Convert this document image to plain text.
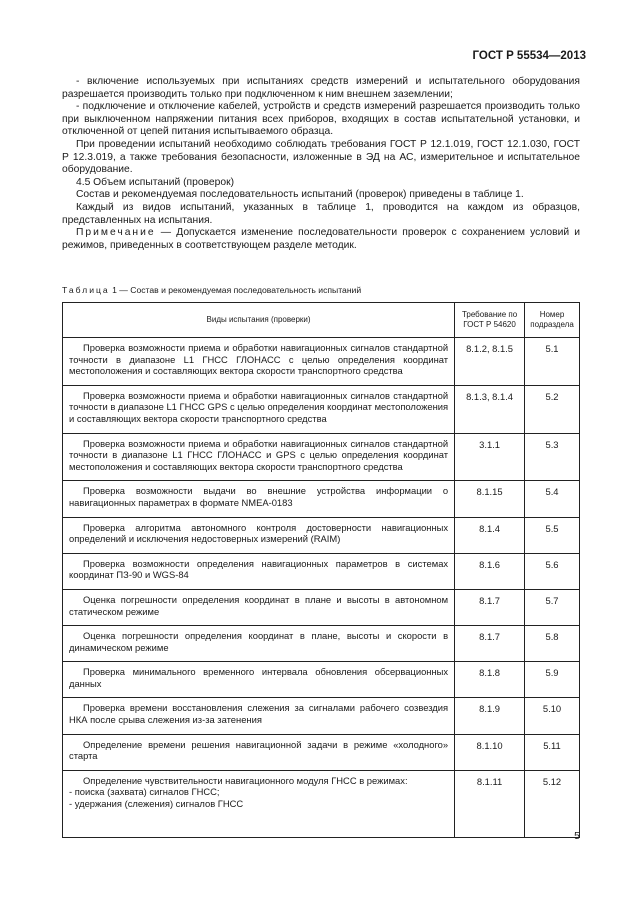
ГОСТ Р 55534—2013

- включение используемых при испытаниях средств измерений и испытательного оборудования разрешается производить только при подключенном к ним внешнем заземлении;

- подключение и отключение кабелей, устройств и средств измерений разрешается производить только при выключенном напряжении питания всех приборов, входящих в состав испытательной установки, и отключенной от цепей питания испытываемого образца.

При проведении испытаний необходимо соблюдать требования ГОСТ Р 12.1.019, ГОСТ 12.1.030, ГОСТ Р 12.3.019, а также требования безопасности, изложенные в ЭД на АС, измерительное и испытательное оборудование.

4.5 Объем испытаний (проверок)

Состав и рекомендуемая последовательность испытаний (проверок) приведены в таблице 1.

Каждый из видов испытаний, указанных в таблице 1, проводится на каждом из образцов, представленных на испытания.

Примечание — Допускается изменение последовательности проверок с сохранением условий и режимов, приведенных в соответствующем разделе методик.

Таблица 1 — Состав и рекомендуемая последовательность испытаний
Виды испытания (проверки)	Требование по ГОСТ Р 54620	Номер подраздела

Проверка возможности приема и обработки навигационных сигналов стандартной точности в диапазоне L1 ГНСС ГЛОНАСС с целью определения координат местоположения и составляющих вектора скорости транспортного средства	8.1.2, 8.1.5	5.1

Проверка возможности приема и обработки навигационных сигналов стандартной точности в диапазоне L1 ГНСС GPS с целью определения координат местоположения и составляющих вектора скорости транспортного средства	8.1.3, 8.1.4	5.2

Проверка возможности приема и обработки навигационных сигналов стандартной точности в диапазоне L1 ГНСС ГЛОНАСС и GPS с целью определения координат местоположения и составляющих вектора скорости транспортного средства	3.1.1	5.3

Проверка возможности выдачи во внешние устройства информации о навигационных параметрах в формате NMEA-0183	8.1.15	5.4

Проверка алгоритма автономного контроля достоверности навигационных определений и исключения недостоверных измерений (RAIM)	8.1.4	5.5

Проверка возможности определения навигационных параметров в системах координат ПЗ-90 и WGS-84	8.1.6	5.6

Оценка погрешности определения координат в плане и высоты в автономном статическом режиме	8.1.7	5.7

Оценка погрешности определения координат в плане, высоты и скорости в динамическом режиме	8.1.7	5.8

Проверка минимального временного интервала обновления обсервационных данных	8.1.8	5.9

Проверка времени восстановления слежения за сигналами рабочего созвездия НКА после срыва слежения из-за затенения	8.1.9	5.10

Определение времени решения навигационной задачи в режиме «холодного» старта	8.1.10	5.11

Определение чувствительности навигационного модуля ГНСС в режимах:
- поиска (захвата) сигналов ГНСС;
- удержания (слежения) сигналов ГНСС	8.1.11	5.12
5
